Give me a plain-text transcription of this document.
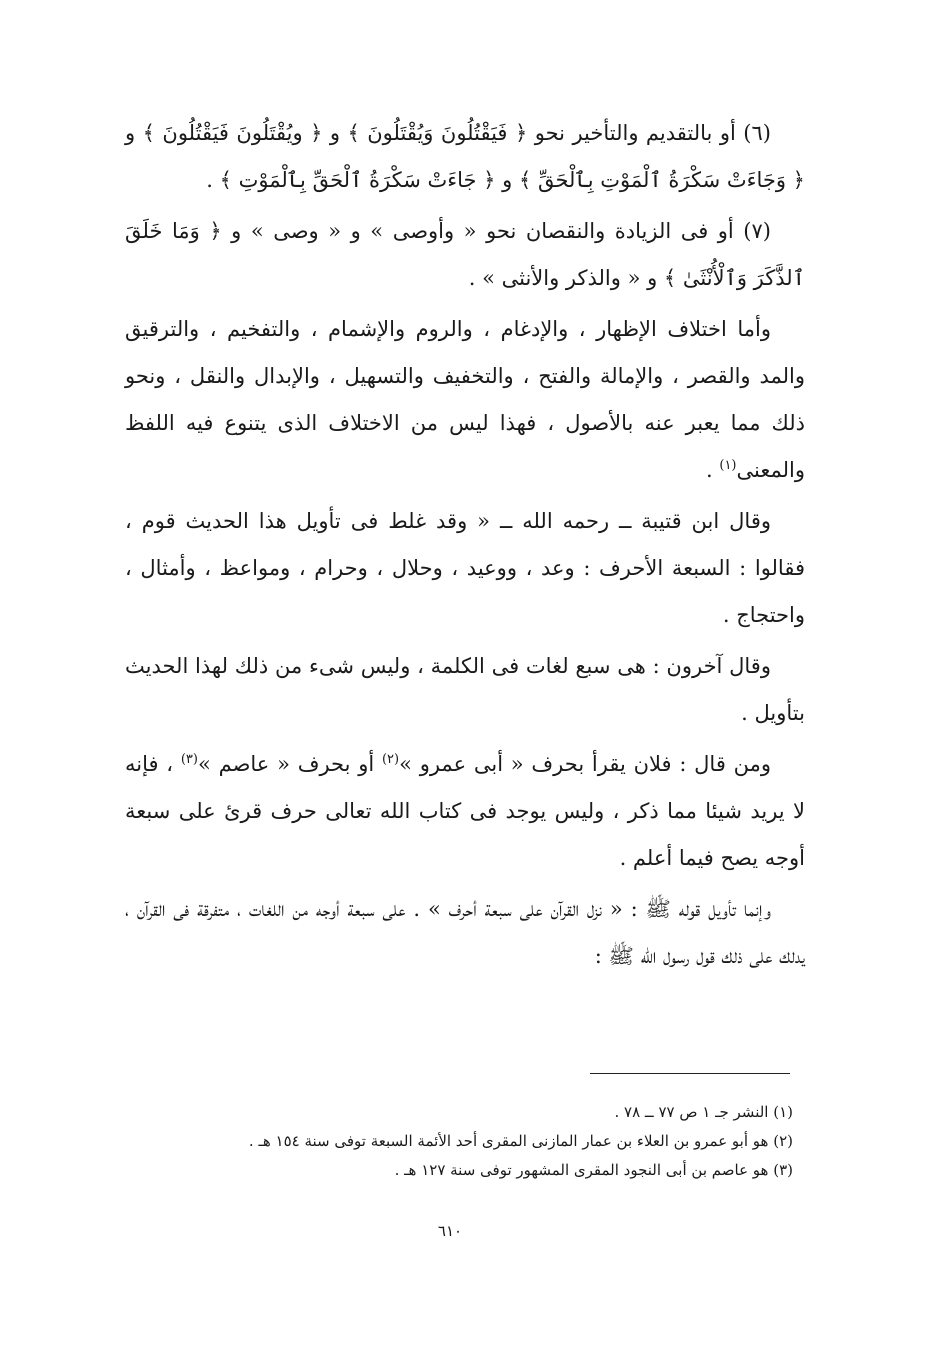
(٦) أو بالتقديم والتأخير نحو ﴿ فَيَقْتُلُونَ وَيُقْتَلُونَ ﴾ و ﴿ ويُقْتَلُونَ فَيَقْتُلُونَ ﴾ و ﴿ وَجَاءَتْ سَكْرَةُ ٱلْمَوْتِ بِٱلْحَقِّ ﴾ و ﴿ جَاءَتْ سَكْرَةُ ٱلْحَقِّ بِٱلْمَوْتِ ﴾ .

(٧) أو فى الزيادة والنقصان نحو « وأوصى » و « وصى » و ﴿ وَمَا خَلَقَ ٱلذَّكَرَ وَٱلْأُنْثَىٰ ﴾ و « والذكر والأنثى » .

وأما اختلاف الإظهار ، والإدغام ، والروم والإشمام ، والتفخيم ، والترقيق والمد والقصر ، والإمالة والفتح ، والتخفيف والتسهيل ، والإبدال والنقل ، ونحو ذلك مما يعبر عنه بالأصول ، فهذا ليس من الاختلاف الذى يتنوع فيه اللفظ والمعنى$^{(١)}$ .

وقال ابن قتيبة ــ رحمه الله ــ « وقد غلط فى تأويل هذا الحديث قوم ، فقالوا : السبعة الأحرف : وعد ، ووعيد ، وحلال ، وحرام ، ومواعظ ، وأمثال ، واحتجاج .

وقال آخرون : هى سبع لغات فى الكلمة ، وليس شىء من ذلك لهذا الحديث بتأويل .

ومن قال : فلان يقرأ بحرف « أبى عمرو »$^{(٢)}$ أو بحرف « عاصم »$^{(٣)}$ ، فإنه لا يريد شيئا مما ذكر ، وليس يوجد فى كتاب الله تعالى حرف قرئ على سبعة أوجه يصح فيما أعلم .

وإنما تأويل قوله ﷺ : « نزل القرآن على سبعة أحرف » . على سبعة أوجه من اللغات ، متفرقة فى القرآن ، يدلك على ذلك قول رسول الله ﷺ :

(١) النشر جـ ١ ص ٧٧ ــ ٧٨ .

(٢) هو أبو عمرو بن العلاء بن عمار المازنى المقرى أحد الأئمة السبعة توفى سنة ١٥٤ هـ .

(٣) هو عاصم بن أبى النجود المقرى المشهور توفى سنة ١٢٧ هـ .

٦١٠
